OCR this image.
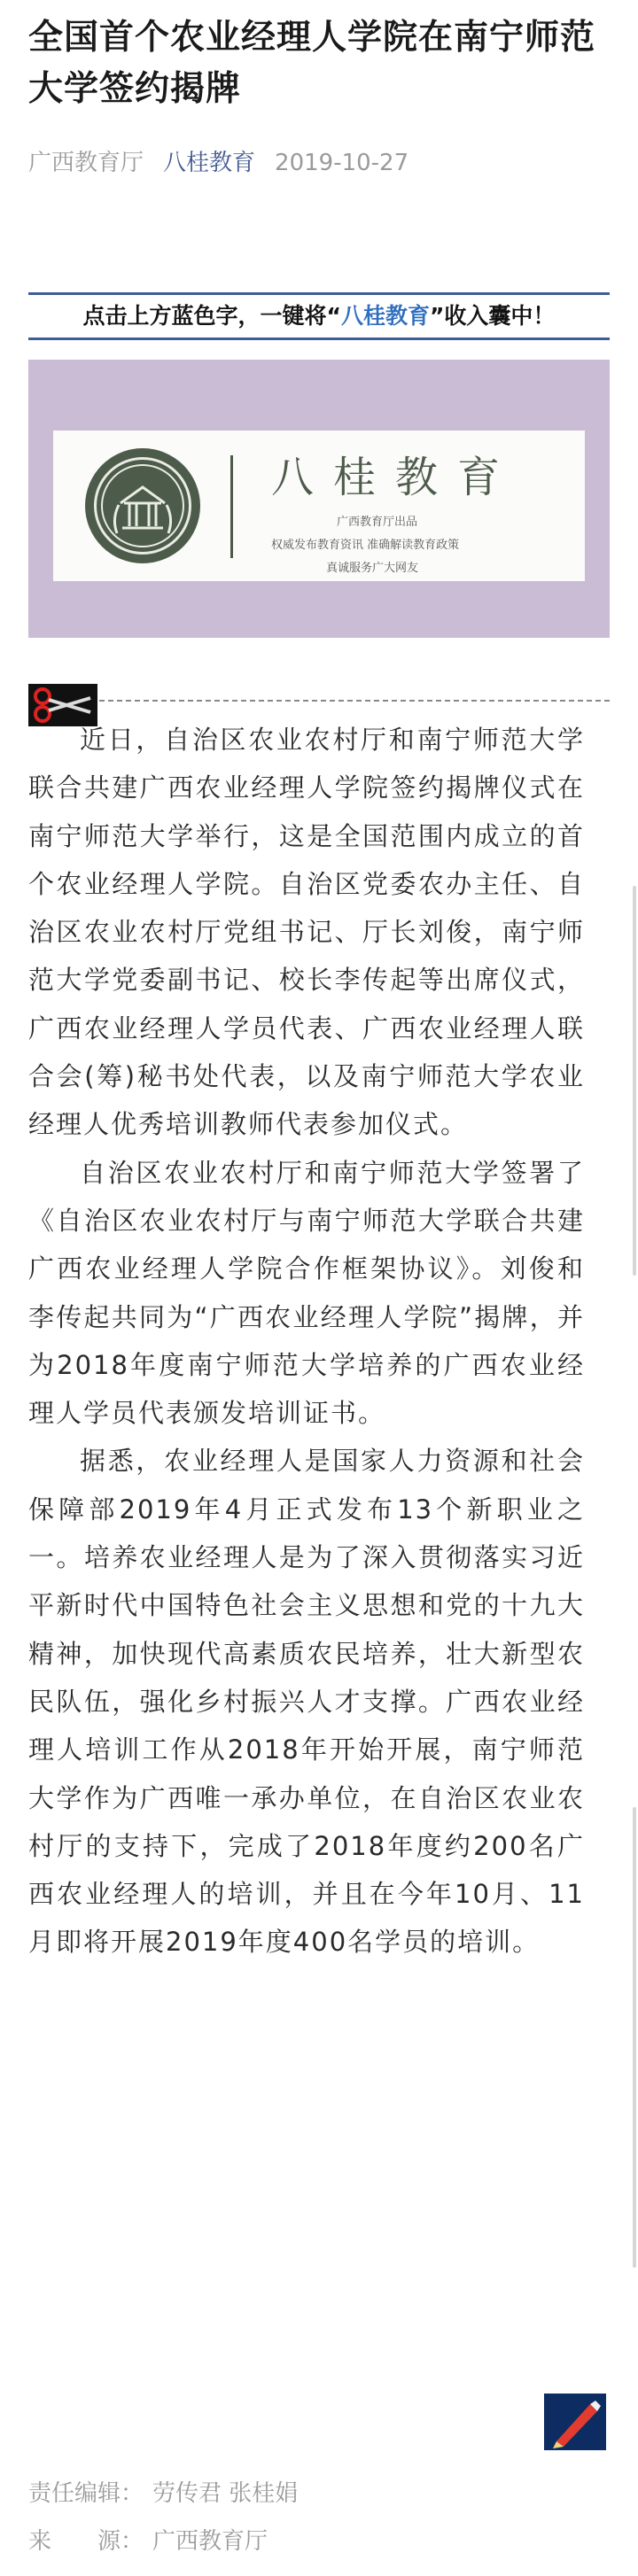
全国首个农业经理人学院在南宁师范大学签约揭牌
广西教育厅 八桂教育 2019-10-27
点击上方蓝色字，一键将“八桂教育”收入囊中！
八桂教育
广西教育厅出品
权威发布教育资讯 准确解读教育政策
真诚服务广大网友

近日，自治区农业农村厅和南宁师范大学联合共建广西农业经理人学院签约揭牌仪式在南宁师范大学举行，这是全国范围内成立的首个农业经理人学院。自治区党委农办主任、自治区农业农村厅党组书记、厅长刘俊，南宁师范大学党委副书记、校长李传起等出席仪式，广西农业经理人学员代表、广西农业经理人联合会(筹)秘书处代表，以及南宁师范大学农业经理人优秀培训教师代表参加仪式。

自治区农业农村厅和南宁师范大学签署了《自治区农业农村厅与南宁师范大学联合共建广西农业经理人学院合作框架协议》。刘俊和李传起共同为“广西农业经理人学院”揭牌，并为2018年度南宁师范大学培养的广西农业经理人学员代表颁发培训证书。

据悉，农业经理人是国家人力资源和社会保障部2019年4月正式发布13个新职业之一。培养农业经理人是为了深入贯彻落实习近平新时代中国特色社会主义思想和党的十九大精神，加快现代高素质农民培养，壮大新型农民队伍，强化乡村振兴人才支撑。广西农业经理人培训工作从2018年开始开展，南宁师范大学作为广西唯一承办单位，在自治区农业农村厅的支持下，完成了2018年度约200名广西农业经理人的培训，并且在今年10月、11月即将开展2019年度400名学员的培训。

责任编辑： 劳传君 张桂娟
来　　源： 广西教育厅
